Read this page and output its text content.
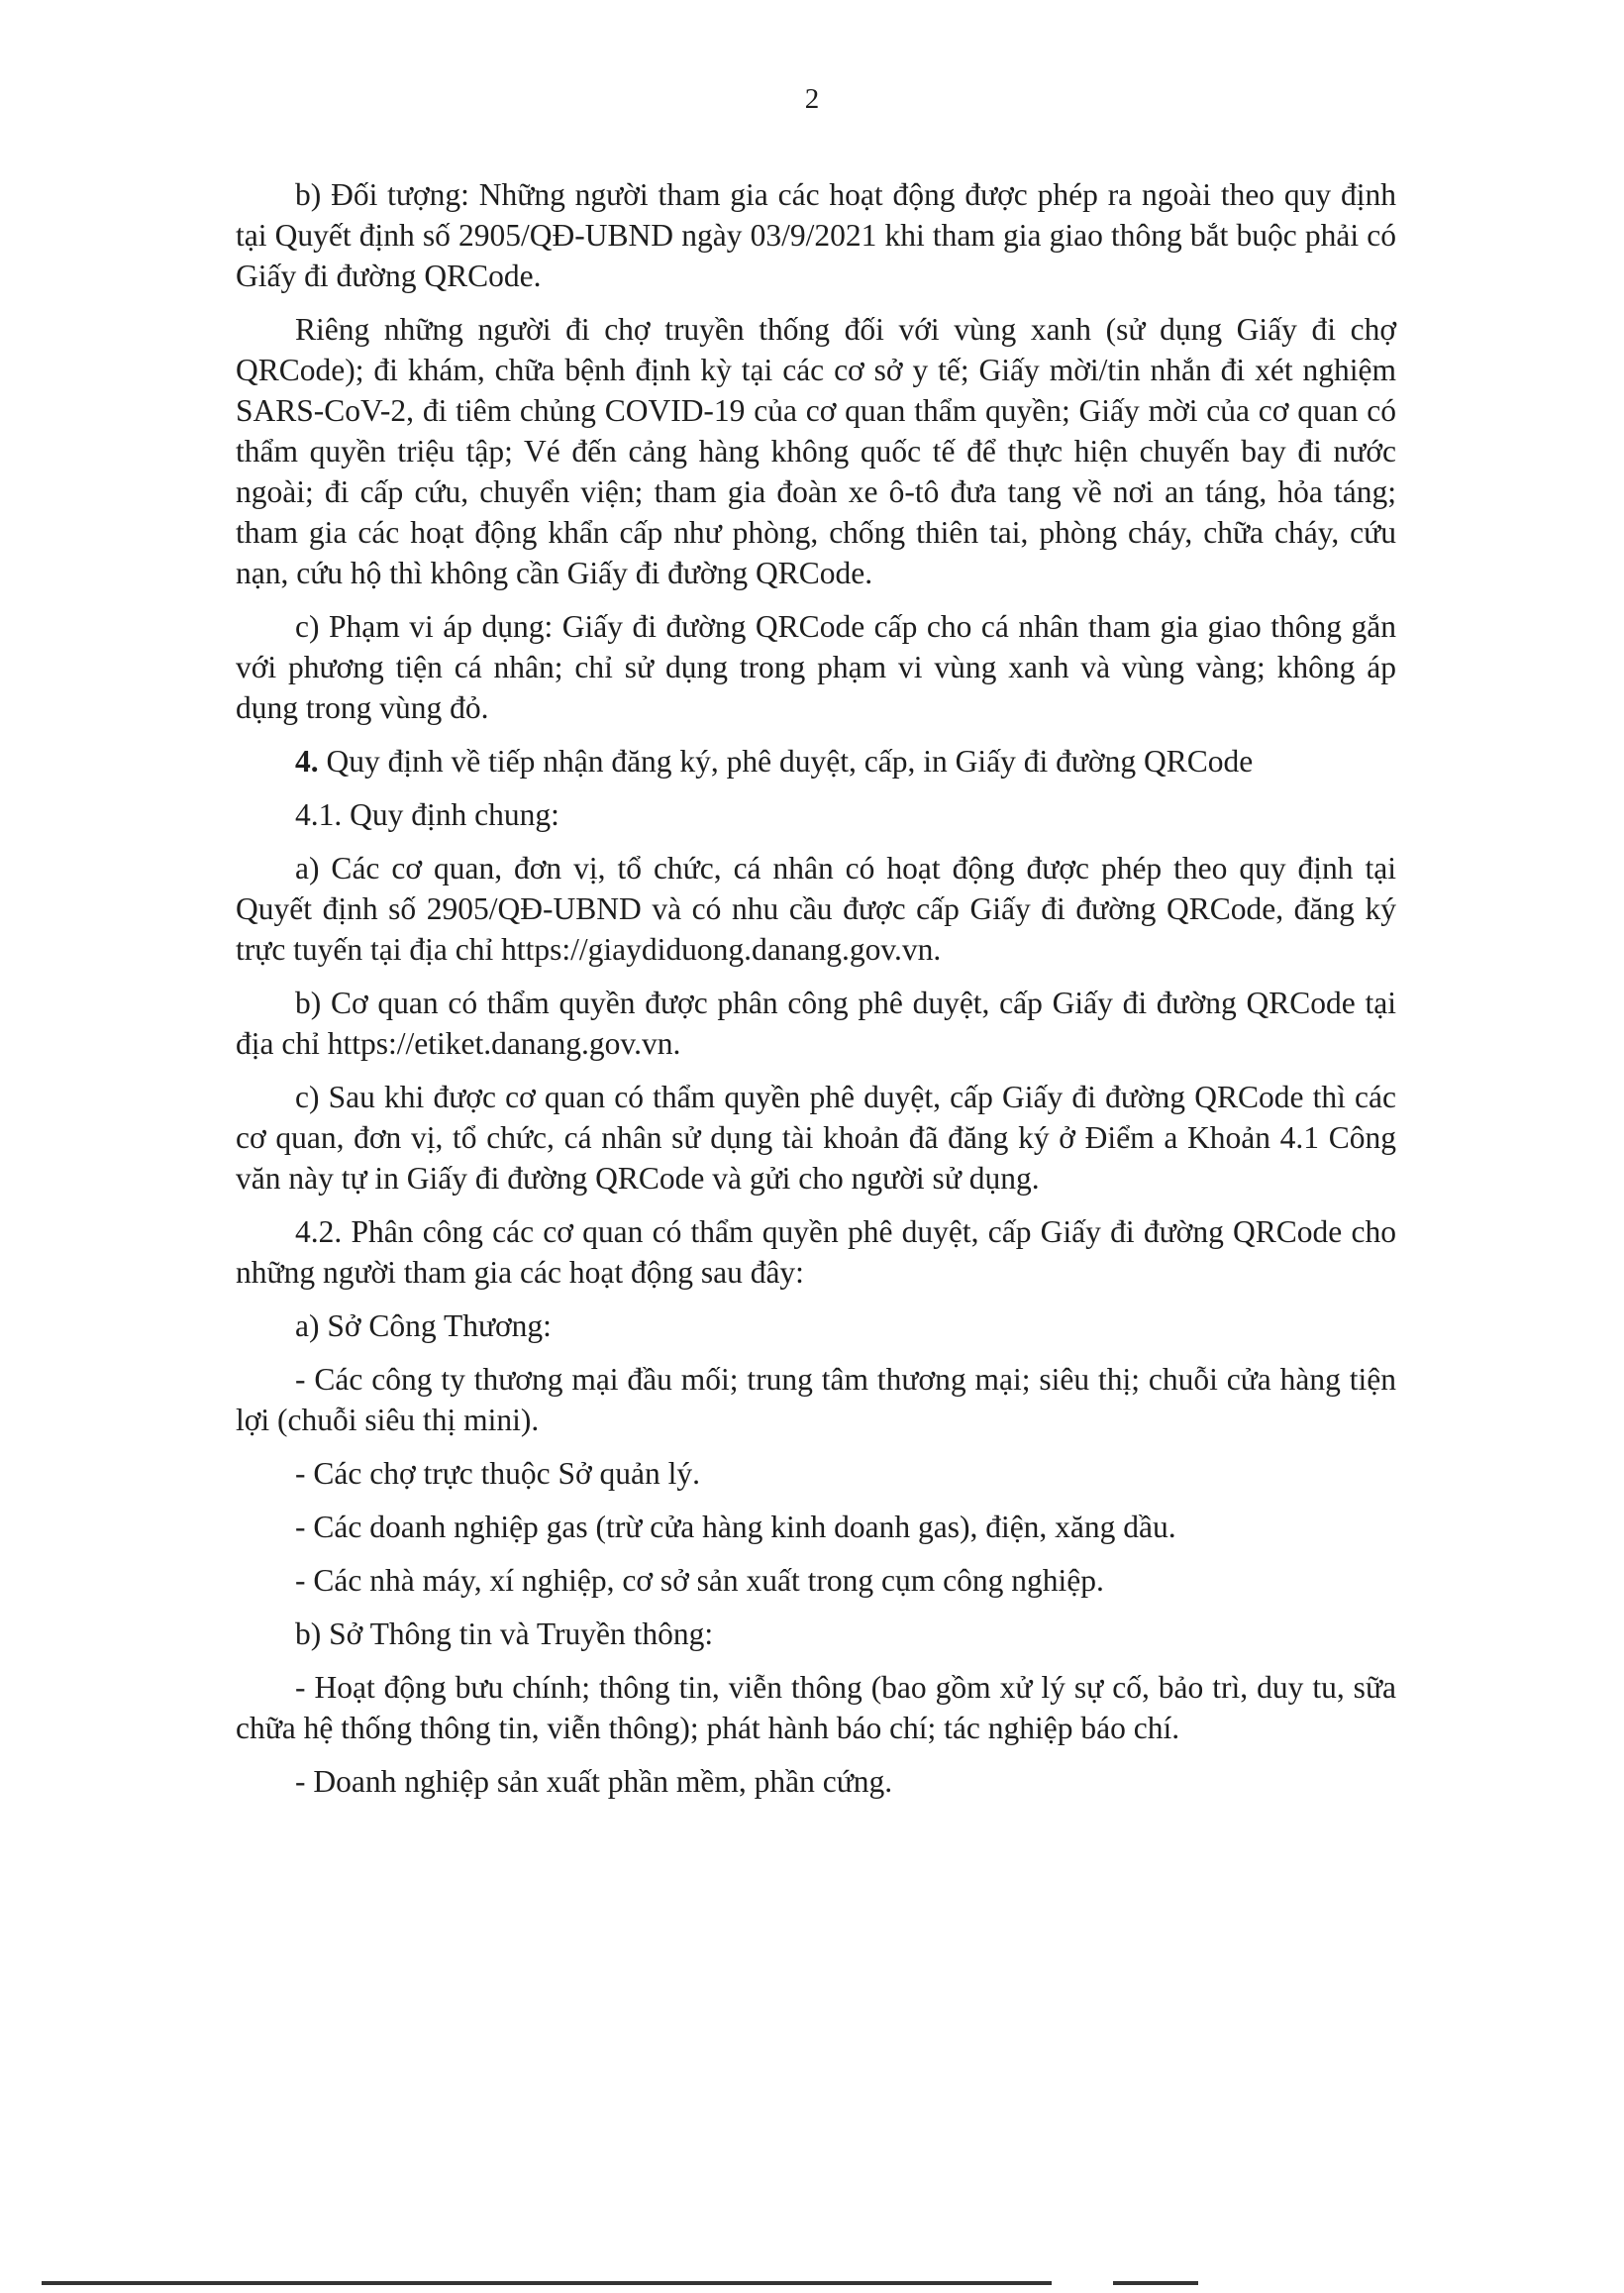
2

b) Đối tượng: Những người tham gia các hoạt động được phép ra ngoài theo quy định tại Quyết định số 2905/QĐ-UBND ngày 03/9/2021 khi tham gia giao thông bắt buộc phải có Giấy đi đường QRCode.

Riêng những người đi chợ truyền thống đối với vùng xanh (sử dụng Giấy đi chợ QRCode); đi khám, chữa bệnh định kỳ tại các cơ sở y tế; Giấy mời/tin nhắn đi xét nghiệm SARS-CoV-2, đi tiêm chủng COVID-19 của cơ quan thẩm quyền; Giấy mời của cơ quan có thẩm quyền triệu tập; Vé đến cảng hàng không quốc tế để thực hiện chuyến bay đi nước ngoài; đi cấp cứu, chuyển viện; tham gia đoàn xe ô-tô đưa tang về nơi an táng, hỏa táng; tham gia các hoạt động khẩn cấp như phòng, chống thiên tai, phòng cháy, chữa cháy, cứu nạn, cứu hộ thì không cần Giấy đi đường QRCode.

c) Phạm vi áp dụng: Giấy đi đường QRCode cấp cho cá nhân tham gia giao thông gắn với phương tiện cá nhân; chỉ sử dụng trong phạm vi vùng xanh và vùng vàng; không áp dụng trong vùng đỏ.

4. Quy định về tiếp nhận đăng ký, phê duyệt, cấp, in Giấy đi đường QRCode

4.1. Quy định chung:

a) Các cơ quan, đơn vị, tổ chức, cá nhân có hoạt động được phép theo quy định tại Quyết định số 2905/QĐ-UBND và có nhu cầu được cấp Giấy đi đường QRCode, đăng ký trực tuyến tại địa chỉ https://giaydiduong.danang.gov.vn.

b) Cơ quan có thẩm quyền được phân công phê duyệt, cấp Giấy đi đường QRCode tại địa chỉ https://etiket.danang.gov.vn.

c) Sau khi được cơ quan có thẩm quyền phê duyệt, cấp Giấy đi đường QRCode thì các cơ quan, đơn vị, tổ chức, cá nhân sử dụng tài khoản đã đăng ký ở Điểm a Khoản 4.1 Công văn này tự in Giấy đi đường QRCode và gửi cho người sử dụng.

4.2. Phân công các cơ quan có thẩm quyền phê duyệt, cấp Giấy đi đường QRCode cho những người tham gia các hoạt động sau đây:

a) Sở Công Thương:

- Các công ty thương mại đầu mối; trung tâm thương mại; siêu thị; chuỗi cửa hàng tiện lợi (chuỗi siêu thị mini).

- Các chợ trực thuộc Sở quản lý.

- Các doanh nghiệp gas (trừ cửa hàng kinh doanh gas), điện, xăng dầu.

- Các nhà máy, xí nghiệp, cơ sở sản xuất trong cụm công nghiệp.

b) Sở Thông tin và Truyền thông:

- Hoạt động bưu chính; thông tin, viễn thông (bao gồm xử lý sự cố, bảo trì, duy tu, sữa chữa hệ thống thông tin, viễn thông); phát hành báo chí; tác nghiệp báo chí.

- Doanh nghiệp sản xuất phần mềm, phần cứng.
